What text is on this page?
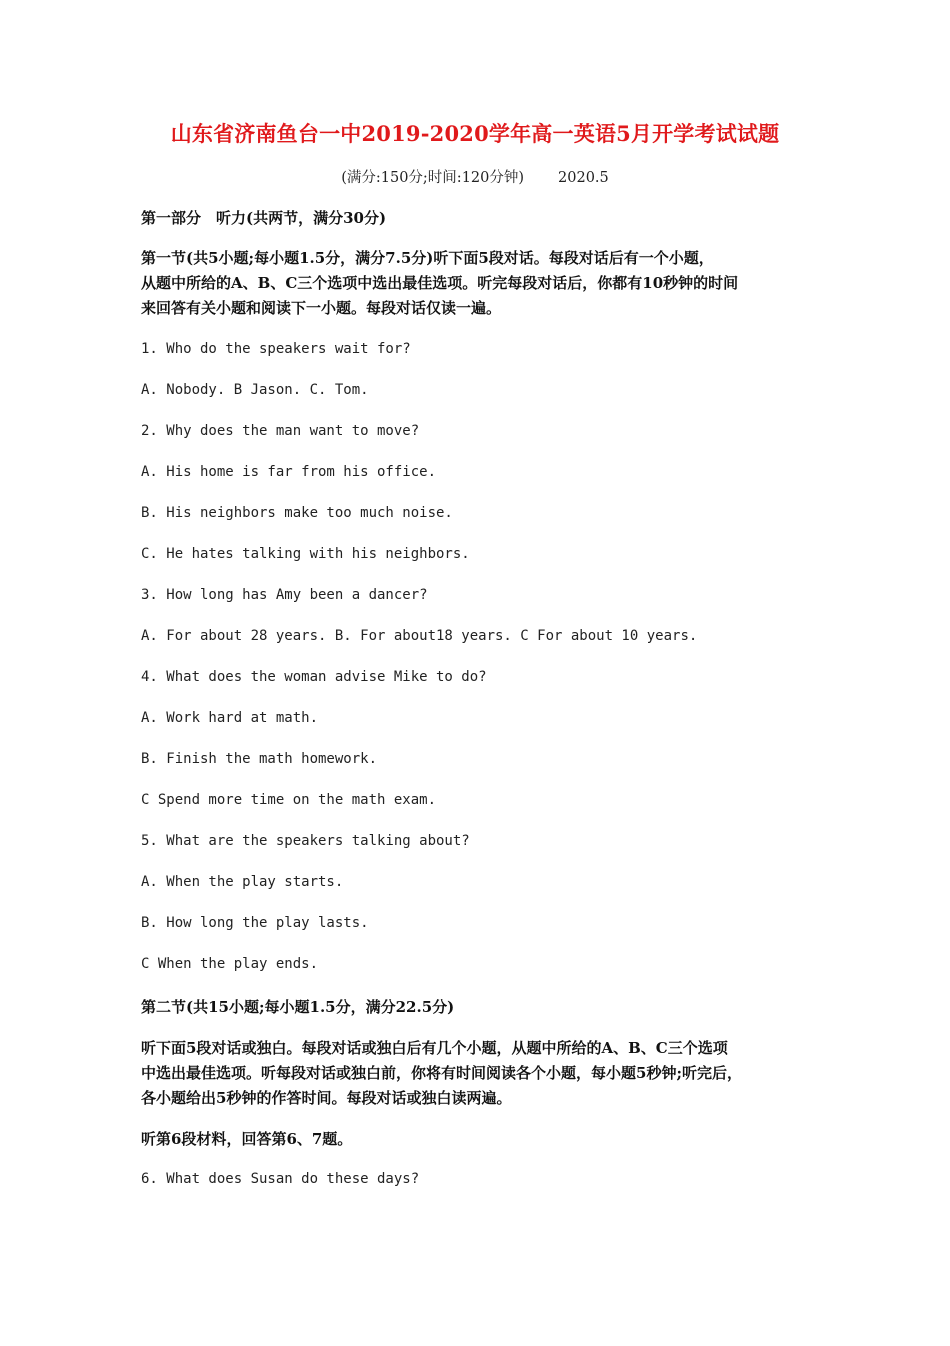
山东省济南鱼台一中2019-2020学年高一英语5月开学考试试题
(满分:150分;时间:120分钟) 2020.5
第一部分　听力(共两节，满分30分)
第一节(共5小题;每小题1.5分，满分7.5分)听下面5段对话。每段对话后有一个小题，
从题中所给的A、B、C三个选项中选出最佳选项。听完每段对话后，你都有10秒钟的时间
来回答有关小题和阅读下一小题。每段对话仅读一遍。
1. Who do the speakers wait for?
A. Nobody. B Jason. C. Tom.
2. Why does the man want to move?
A. His home is far from his office.
B. His neighbors make too much noise.
C. He hates talking with his neighbors.
3. How long has Amy been a dancer?
A. For about 28 years. B. For about18 years. C For about 10 years.
4. What does the woman advise Mike to do?
A. Work hard at math.
B. Finish the math homework.
C Spend more time on the math exam.
5. What are the speakers talking about?
A. When the play starts.
B. How long the play lasts.
C When the play ends.
第二节(共15小题;每小题1.5分，满分22.5分)
听下面5段对话或独白。每段对话或独白后有几个小题，从题中所给的A、B、C三个选项
中选出最佳选项。听每段对话或独白前，你将有时间阅读各个小题，每小题5秒钟;听完后，
各小题给出5秒钟的作答时间。每段对话或独白读两遍。
听第6段材料，回答第6、7题。
6. What does Susan do these days?
